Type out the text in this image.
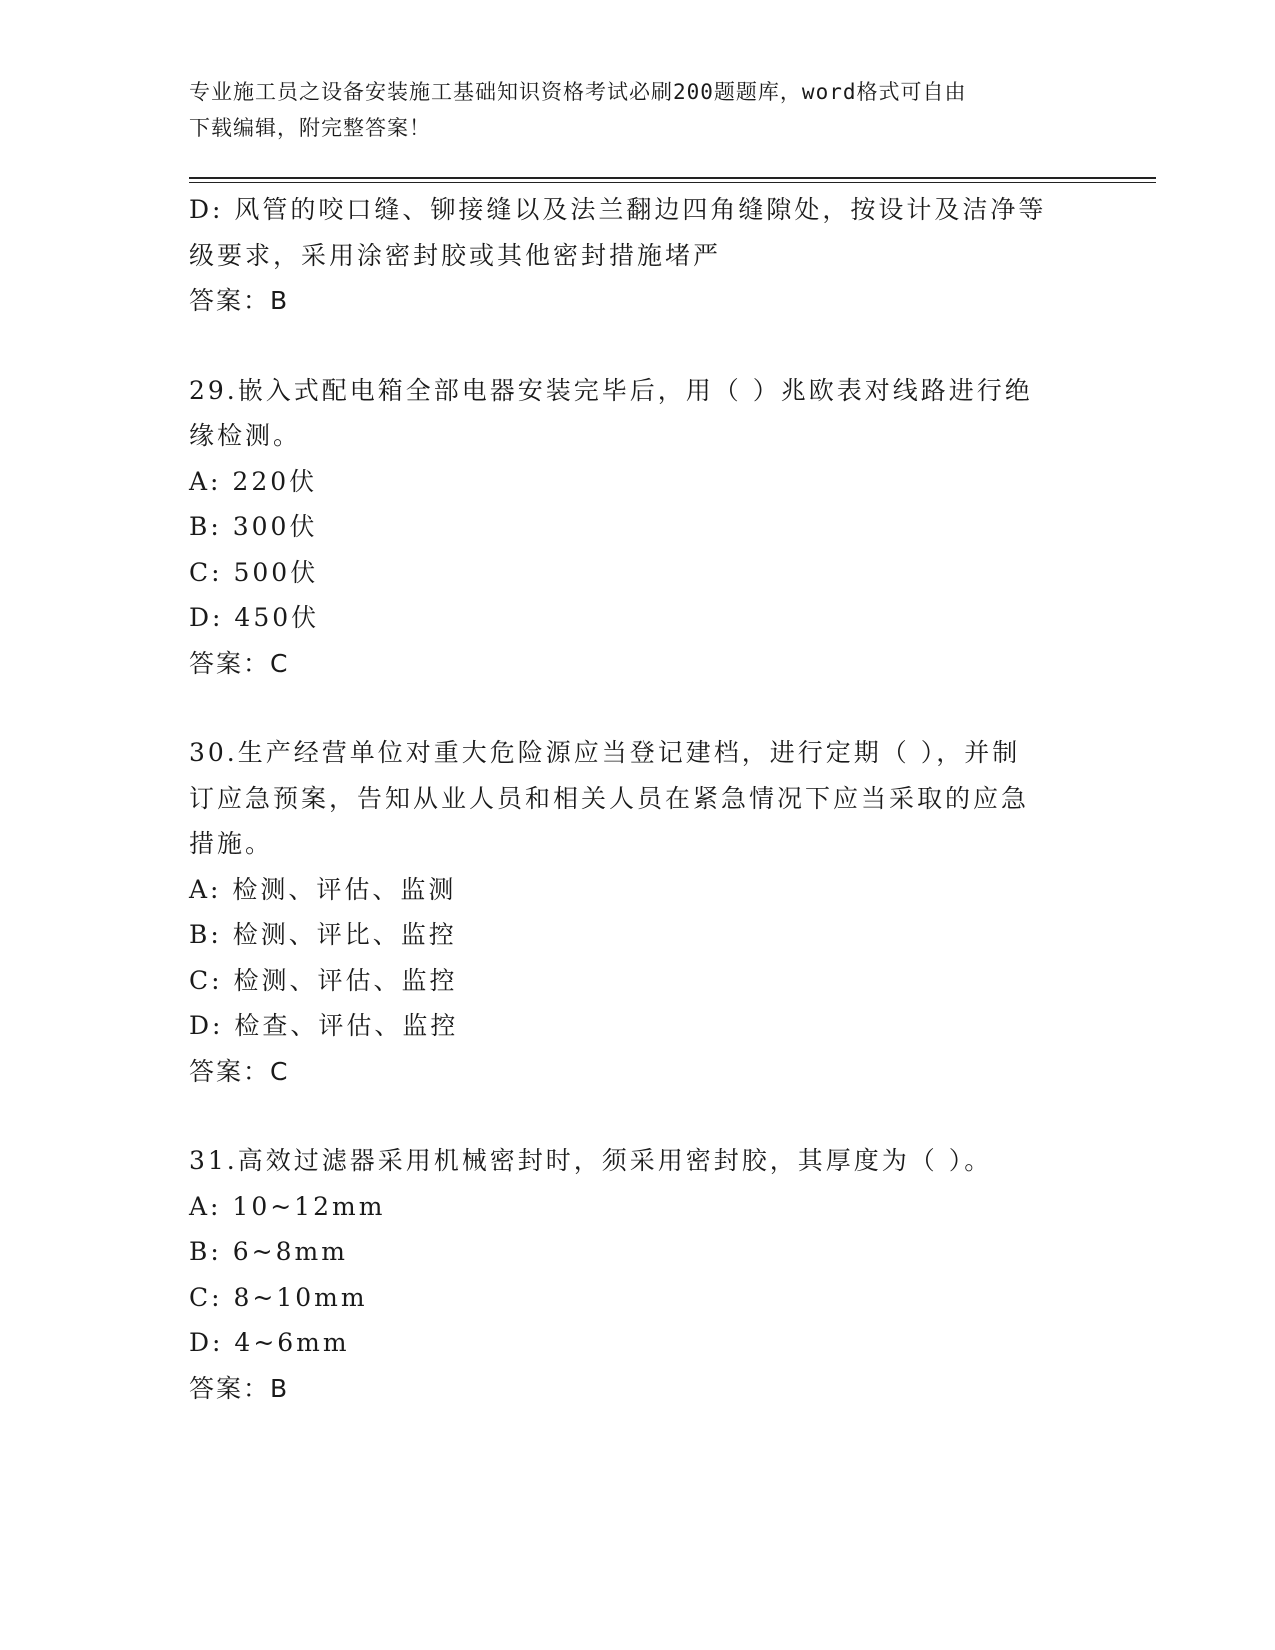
专业施工员之设备安装施工基础知识资格考试必刷200题题库，word格式可自由
下载编辑，附完整答案！
D: 风管的咬口缝、铆接缝以及法兰翻边四角缝隙处，按设计及洁净等
级要求，采用涂密封胶或其他密封措施堵严
答案：B
29.嵌入式配电箱全部电器安装完毕后，用（ ）兆欧表对线路进行绝
缘检测。
A: 220伏
B: 300伏
C: 500伏
D: 450伏
答案：C
30.生产经营单位对重大危险源应当登记建档，进行定期（ ），并制
订应急预案，告知从业人员和相关人员在紧急情况下应当采取的应急
措施。
A: 检测、评估、监测
B: 检测、评比、监控
C: 检测、评估、监控
D: 检查、评估、监控
答案：C
31.高效过滤器采用机械密封时，须采用密封胶，其厚度为（ ）。
A: 10~12mm
B: 6~8mm
C: 8~10mm
D: 4~6mm
答案：B
